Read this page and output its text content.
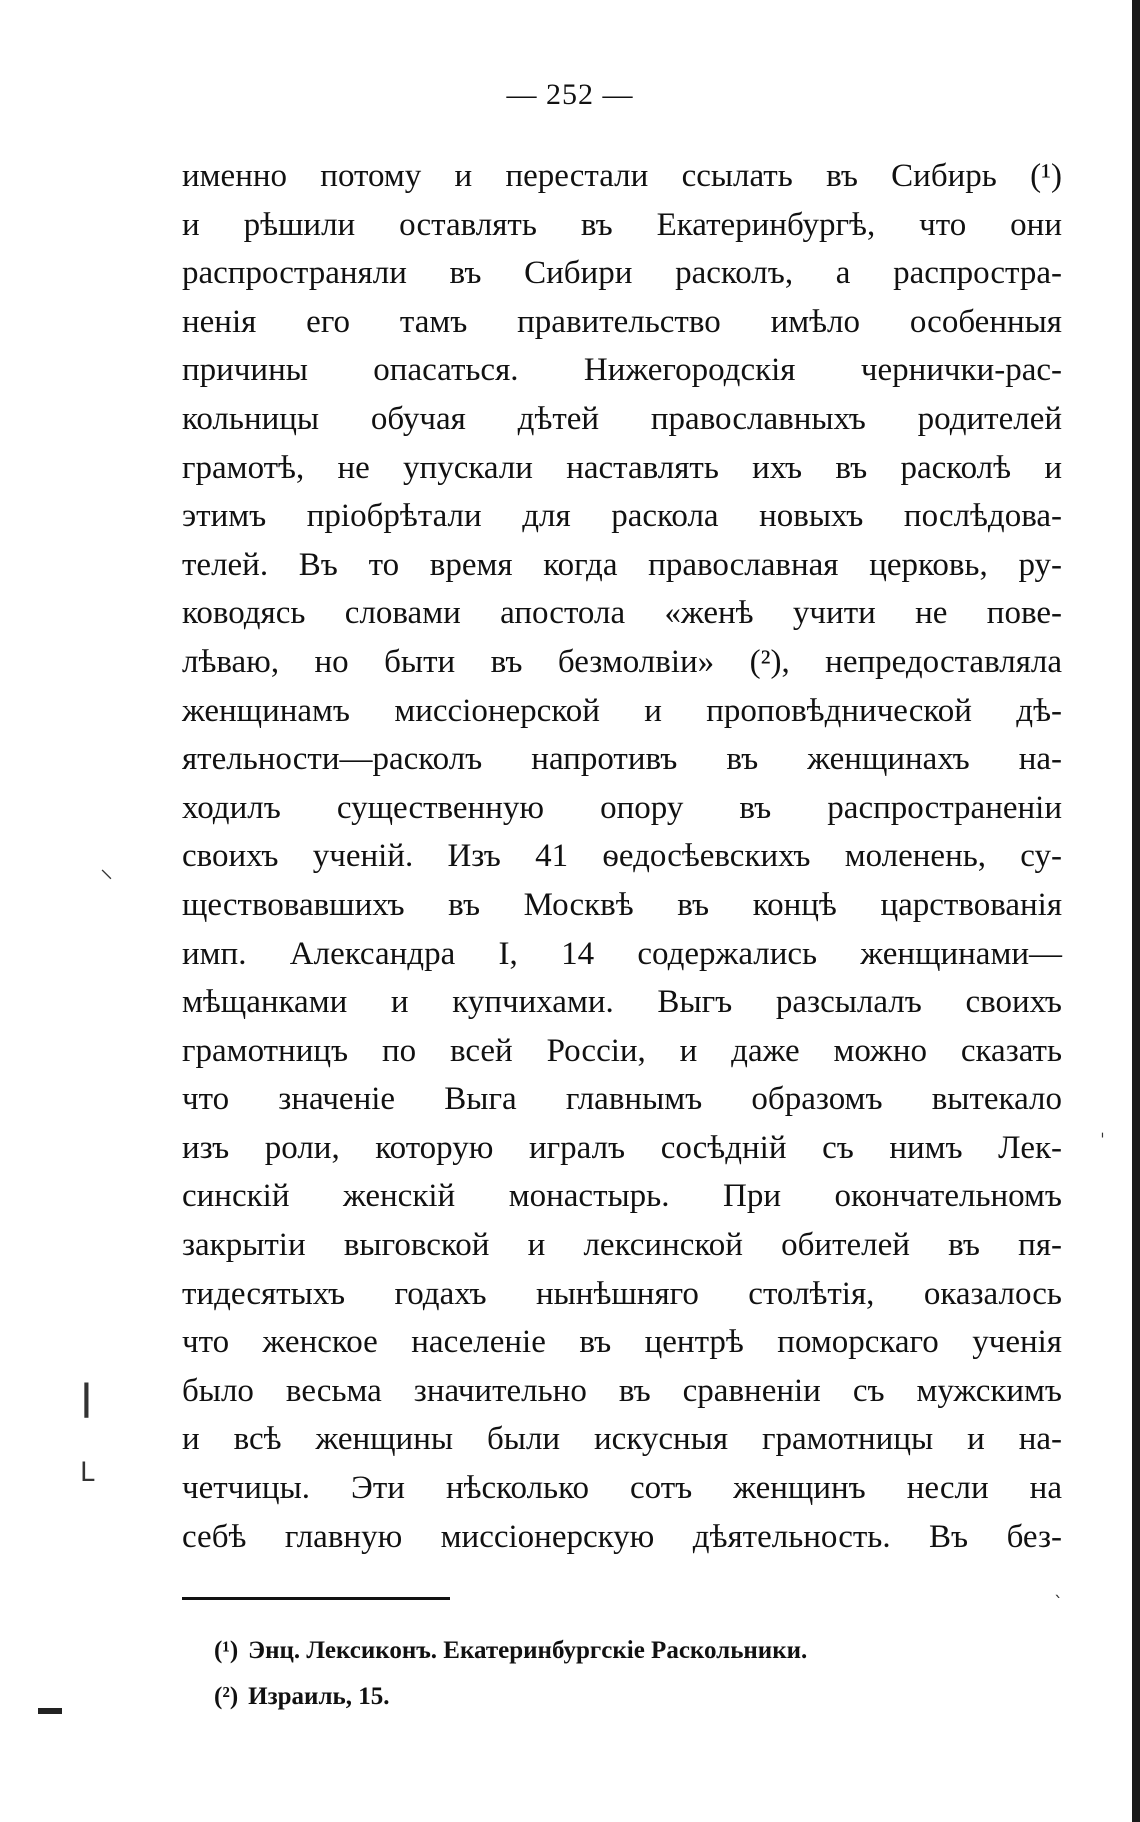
— 252 —
именно потому и перестали ссылать въ Сибирь (¹)
и рѣшили оставлять въ Екатеринбургѣ, что они
распространяли въ Сибири расколъ, а распростра-
ненія его тамъ правительство имѣло особенныя
причины опасаться. Нижегородскія чернички-рас-
кольницы обучая дѣтей православныхъ родителей
грамотѣ, не упускали наставлять ихъ въ расколѣ и
этимъ пріобрѣтали для раскола новыхъ послѣдова-
телей. Въ то время когда православная церковь, ру-
ководясь словами апостола «женѣ учити не пове-
лѣваю, но быти въ безмолвіи» (²), непредоставляла
женщинамъ миссіонерской и проповѣднической дѣ-
ятельности—расколъ напротивъ въ женщинахъ на-
ходилъ существенную опору въ распространеніи
своихъ ученій. Изъ 41 ѳедосѣевскихъ моленень, су-
ществовавшихъ въ Москвѣ въ концѣ царствованія
имп. Александра I, 14 содержались женщинами—
мѣщанками и купчихами. Выгъ разсылалъ своихъ
грамотницъ по всей Россіи, и даже можно сказать
что значеніе Выга главнымъ образомъ вытекало
изъ роли, которую игралъ сосѣдній съ нимъ Лек-
синскій женскій монастырь. При окончательномъ
закрытіи выговской и лексинской обителей въ пя-
тидесятыхъ годахъ нынѣшняго столѣтія, оказалось
что женское населеніе въ центрѣ поморскаго ученія
было весьма значительно въ сравненіи съ мужскимъ
и всѣ женщины были искусныя грамотницы и на-
четчицы. Эти нѣсколько сотъ женщинъ несли на
себѣ главную миссіонерскую дѣятельность. Въ без-
(¹) Энц. Лексиконъ. Екатеринбургскіе Раскольники.
(²) Израиль, 15.
⸌
ⅼ
ᒪ
ˈ
ˎ
